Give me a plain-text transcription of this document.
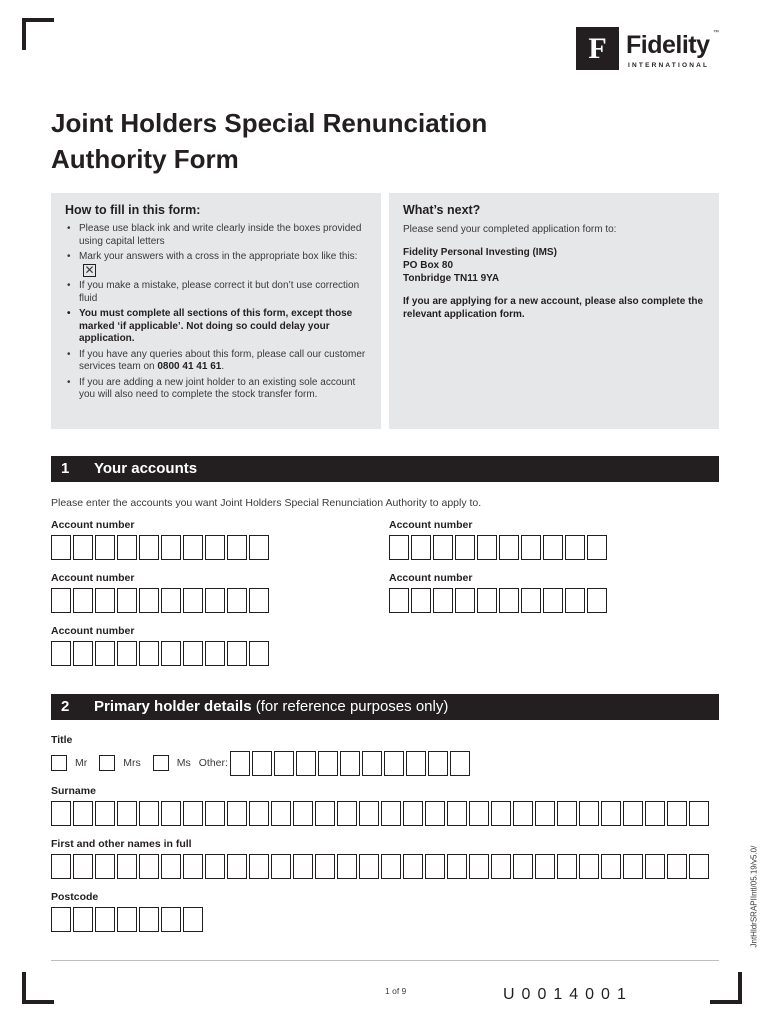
F Fidelity ™
INTERNATIONAL
Joint Holders Special Renunciation
Authority Form
How to fill in this form:
• Please use black ink and write clearly inside the boxes provided using capital letters
• Mark your answers with a cross in the appropriate box like this:✕
• If you make a mistake, please correct it but don’t use correction fluid
• You must complete all sections of this form, except those marked ‘if applicable’. Not doing so could delay your application.
• If you have any queries about this form, please call our customer services team on 0800 41 41 61.
• If you are adding a new joint holder to an existing sole account you will also need to complete the stock transfer form.
What’s next?

Please send your completed application form to:

Fidelity Personal Investing (IMS)

PO Box 80

Tonbridge TN11 9YA

If you are applying for a new account, please also complete the relevant application form.

1 Your accounts
Please enter the accounts you want Joint Holders Special Renunciation Authority to apply to.
Account number	Account number
Account number	Account number
Account number
2 Primary holder details (for reference purposes only)
Title
Mr	Mrs	Ms Other:
Surname
First and other names in full
Postcode	JntHldrSRAPIIntl/05.19/v5.0/
1 of 9	U0014001
